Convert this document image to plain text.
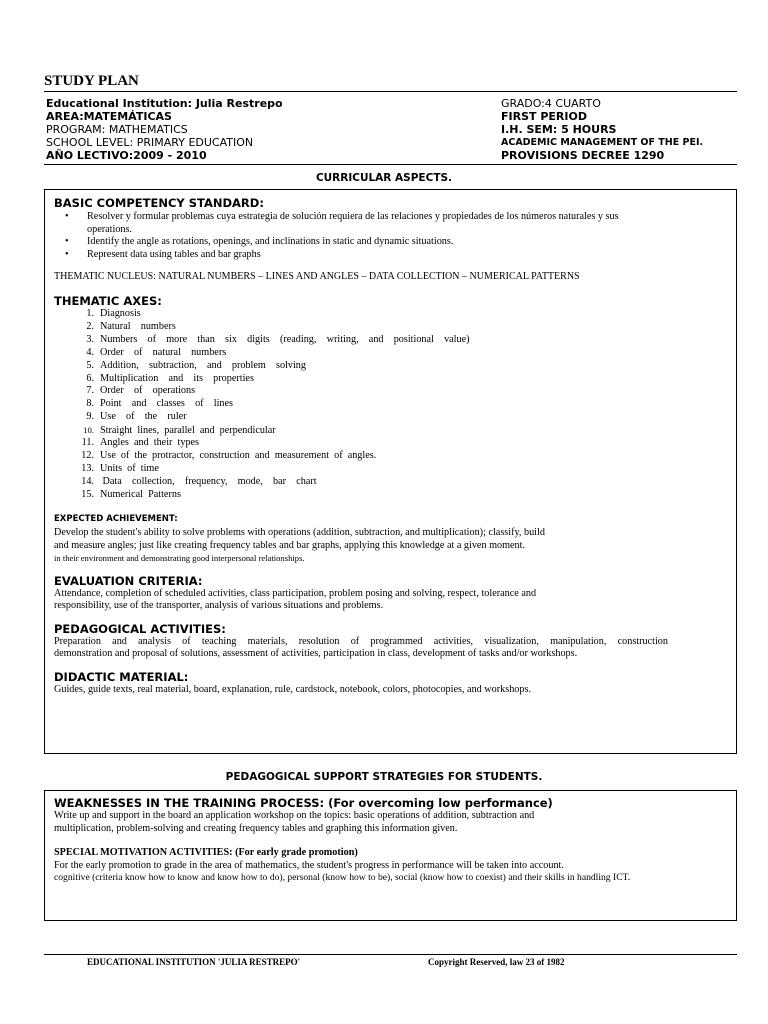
STUDY PLAN
Educational Institution: Julia Restrepo
AREA:MATEMÁTICAS
PROGRAM: MATHEMATICS
SCHOOL LEVEL: PRIMARY EDUCATION
AÑO LECTIVO:2009 - 2010
GRADO:4 CUARTO
FIRST PERIOD
I.H. SEM: 5 HOURS
ACADEMIC MANAGEMENT OF THE PEI.
PROVISIONS DECREE 1290
CURRICULAR ASPECTS.
BASIC COMPETENCY STANDARD:
• Resolver y formular problemas cuya estrategia de solución requiera de las relaciones y propiedades de los números naturales y sus
operations.
• Identify the angle as rotations, openings, and inclinations in static and dynamic situations.
• Represent data using tables and bar graphs
THEMATIC NUCLEUS: NATURAL NUMBERS – LINES AND ANGLES – DATA COLLECTION – NUMERICAL PATTERNS
THEMATIC AXES:
1. Diagnosis
2. Natural    numbers
3. Numbers    of    more    than    six    digits    (reading,    writing,    and    positional    value)
4. Order    of    natural    numbers
5. Addition,    subtraction,    and    problem    solving
6. Multiplication    and    its    properties
7. Order    of    operations
8. Point    and    classes    of    lines
9. Use    of    the    ruler
10. Straight  lines,  parallel  and  perpendicular
11. Angles  and  their  types
12. Use  of  the  protractor,  construction  and  measurement  of  angles.
13. Units  of  time
14. Data    collection,    frequency,    mode,    bar    chart
15. Numerical  Patterns
EXPECTED ACHIEVEMENT:
Develop the student's ability to solve problems with operations (addition, subtraction, and multiplication); classify, build
and measure angles; just like creating frequency tables and bar graphs, applying this knowledge at a given moment.
in their environment and demonstrating good interpersonal relationships.
EVALUATION CRITERIA:
Attendance, completion of scheduled activities, class participation, problem posing and solving, respect, tolerance and
responsibility, use of the transporter, analysis of various situations and problems.
PEDAGOGICAL ACTIVITIES:
Preparation and analysis of teaching materials, resolution of programmed activities, visualization, manipulation, construction
demonstration and proposal of solutions, assessment of activities, participation in class, development of tasks and/or workshops.
DIDACTIC MATERIAL:
Guides, guide texts, real material, board, explanation, rule, cardstock, notebook, colors, photocopies, and workshops.
PEDAGOGICAL SUPPORT STRATEGIES FOR STUDENTS.
WEAKNESSES IN THE TRAINING PROCESS: (For overcoming low performance)
Write up and support in the board an application workshop on the topics: basic operations of addition, subtraction and
multiplication, problem-solving and creating frequency tables and graphing this information given.
SPECIAL MOTIVATION ACTIVITIES: (For early grade promotion)
For the early promotion to grade in the area of mathematics, the student's progress in performance will be taken into account.
cognitive (criteria know how to know and know how to do), personal (know how to be), social (know how to coexist) and their skills in handling ICT.
EDUCATIONAL INSTITUTION 'JULIA RESTREPO'	Copyright Reserved, law 23 of 1982
